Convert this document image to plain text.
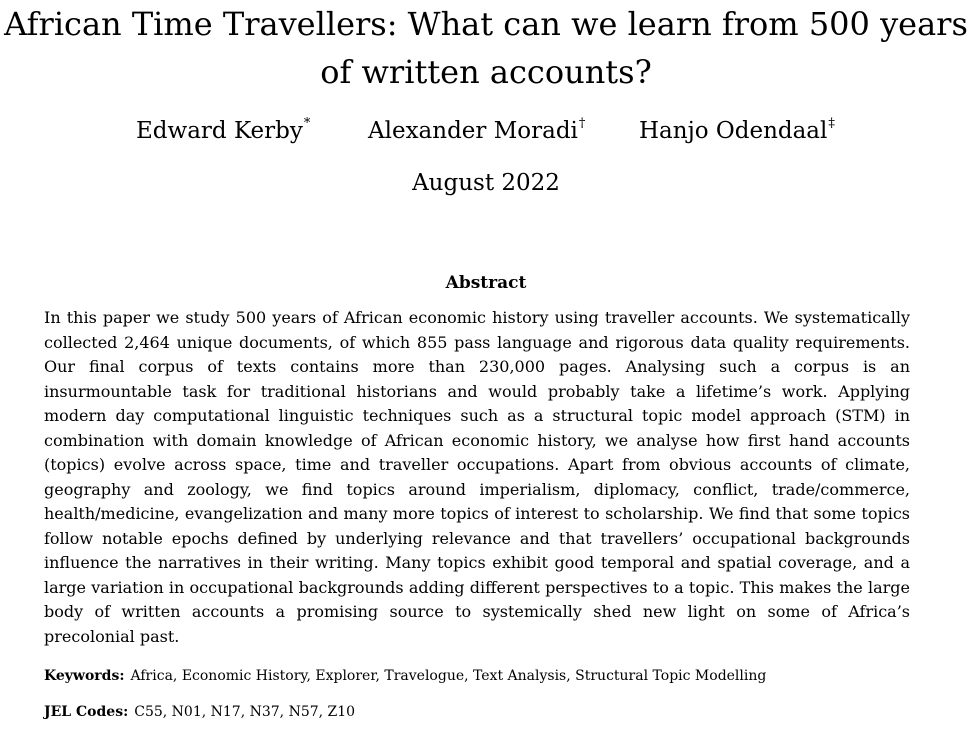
African Time Travellers: What can we learn from 500 years of written accounts?
Edward Kerby*	Alexander Moradi† Hanjo Odendaal‡
August 2022
Abstract
In this paper we study 500 years of African economic history using traveller accounts. We systematically collected 2,464 unique documents, of which 855 pass language and rigorous data quality requirements. Our final corpus of texts contains more than 230,000 pages. Analysing such a corpus is an insurmountable task for traditional historians and would probably take a lifetime’s work. Applying modern day computational linguistic techniques such as a structural topic model approach (STM) in combination with domain knowledge of African economic history, we analyse how first hand accounts (topics) evolve across space, time and traveller occupations. Apart from obvious accounts of climate, geography and zoology, we find topics around imperialism, diplomacy, conflict, trade/commerce, health/medicine, evangelization and many more topics of interest to scholarship. We find that some topics follow notable epochs defined by underlying relevance and that travellers’ occupational backgrounds influence the narratives in their writing. Many topics exhibit good temporal and spatial coverage, and a large variation in occupational backgrounds adding different perspectives to a topic. This makes the large body of written accounts a promising source to systemically shed new light on some of Africa’s precolonial past.
Keywords: Africa, Economic History, Explorer, Travelogue, Text Analysis, Structural Topic Modelling
JEL Codes: C55, N01, N17, N37, N57, Z10
